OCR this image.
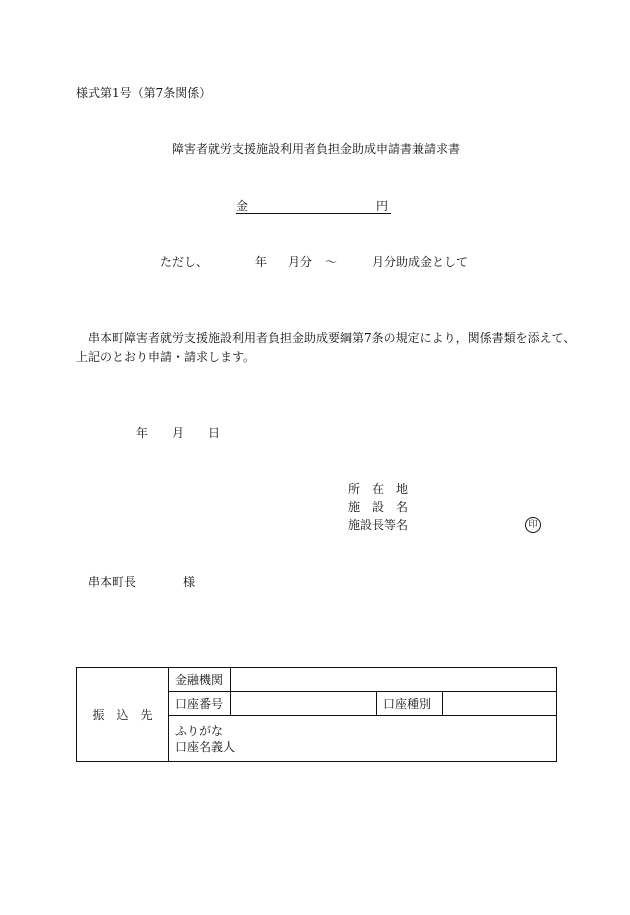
様式第1号（第7条関係）
障害者就労支援施設利用者負担金助成申請書兼請求書
金	円
ただし、	年 月分 ～	月分助成金として
串本町障害者就労支援施設利用者負担金助成要綱第7条の規定により，関係書類を添えて、
上記のとおり申請・請求します。
年 月 日
所　在　地
施　設　名
施設長等名	印
串本町長	様
振　込　先	金融機関			
	口座番号		口座種別	
	ふりがな
口座名義人			
